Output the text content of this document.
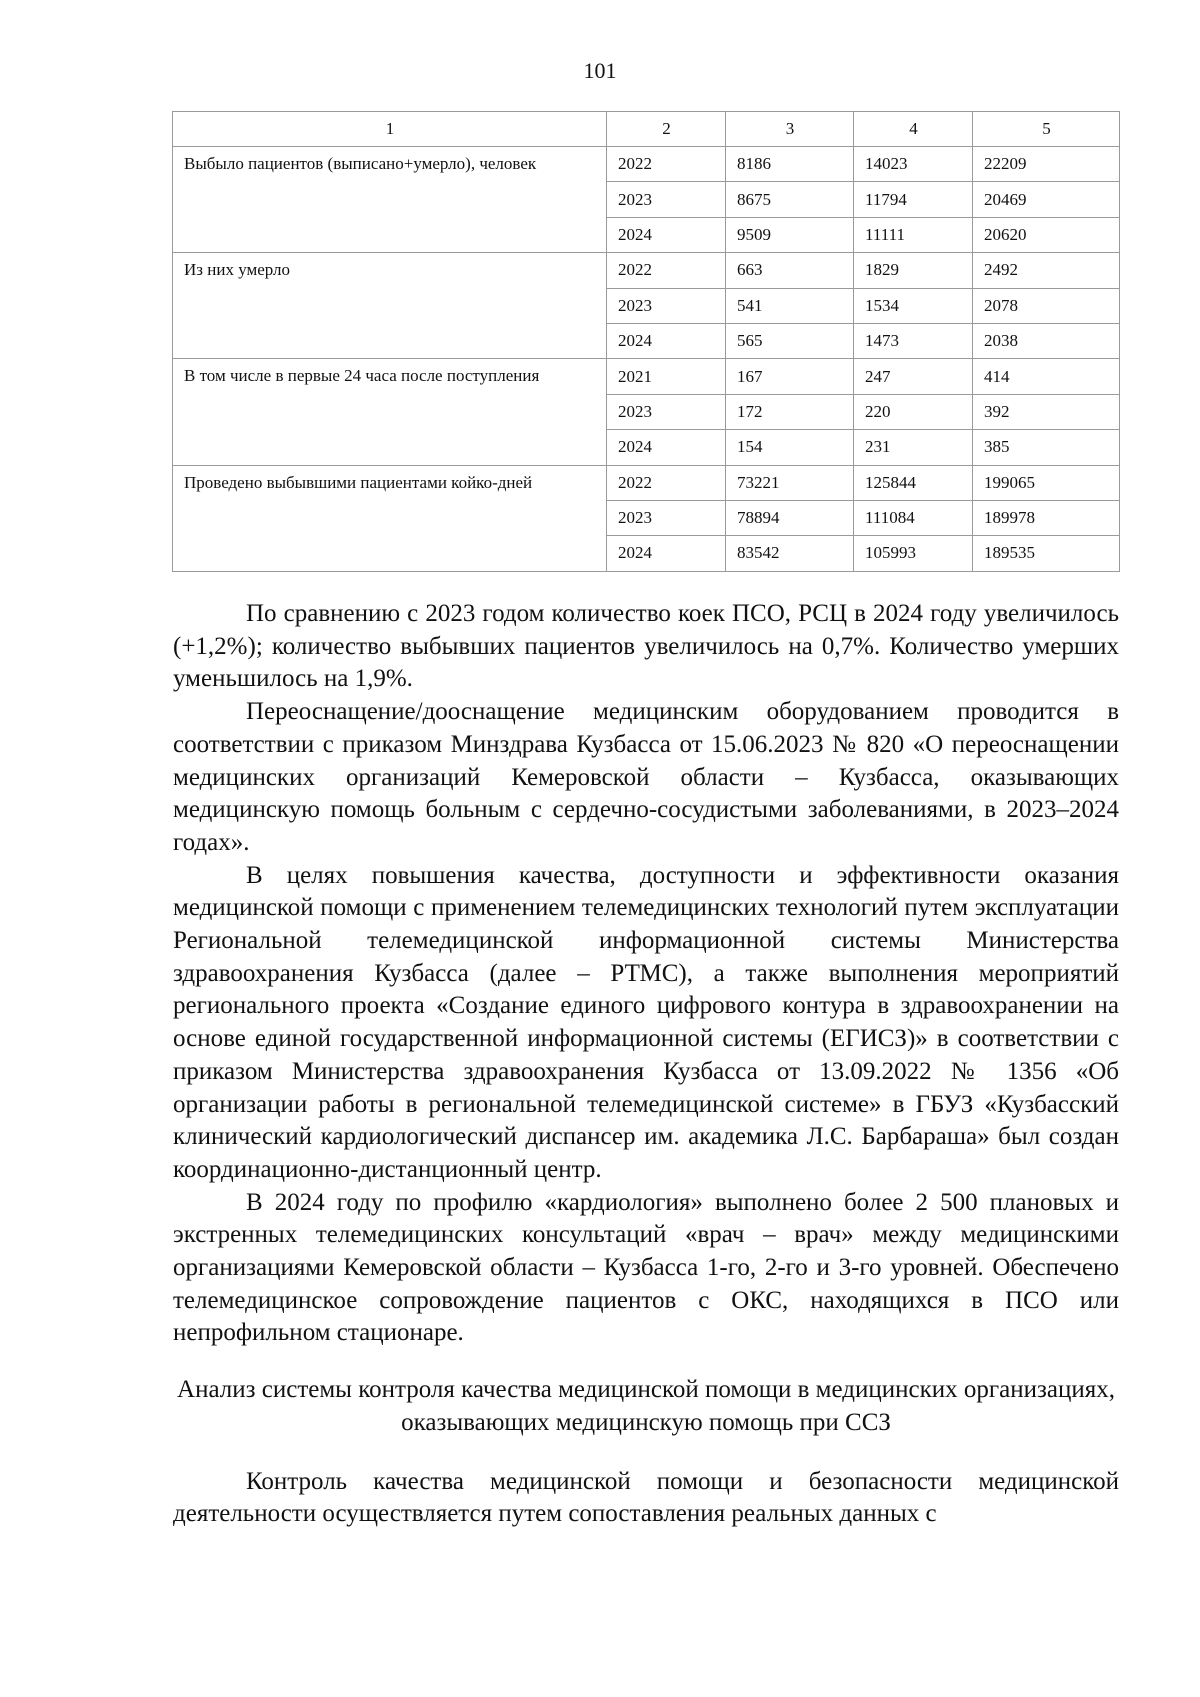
101
1	2	3	4	5
Выбыло пациентов (выписано+умерло), человек	2022	8186	14023	22209
	2023	8675	11794	20469
	2024	9509	11111	20620
Из них умерло	2022	663	1829	2492
	2023	541	1534	2078
	2024	565	1473	2038
В том числе в первые 24 часа после поступления	2021	167	247	414
	2023	172	220	392
	2024	154	231	385
Проведено выбывшими пациентами койко-дней	2022	73221	125844	199065
	2023	78894	111084	189978
	2024	83542	105993	189535

По сравнению с 2023 годом количество коек ПСО, РСЦ в 2024 году увеличилось (+1,2%); количество выбывших пациентов увеличилось на 0,7%. Количество умерших уменьшилось на 1,9%.

Переоснащение/дооснащение медицинским оборудованием проводится в соответствии с приказом Минздрава Кузбасса от 15.06.2023 № 820 «О переоснащении медицинских организаций Кемеровской области – Кузбасса, оказывающих медицинскую помощь больным с сердечно-сосудистыми заболеваниями, в 2023–2024 годах».

В целях повышения качества, доступности и эффективности оказания медицинской помощи с применением телемедицинских технологий путем эксплуатации Региональной телемедицинской информационной системы Министерства здравоохранения Кузбасса (далее – РТМС), а также выполнения мероприятий регионального проекта «Создание единого цифрового контура в здравоохранении на основе единой государственной информационной системы (ЕГИСЗ)» в соответствии с приказом Министерства здравоохранения Кузбасса от 13.09.2022 № 1356 «Об организации работы в региональной телемедицинской системе» в ГБУЗ «Кузбасский клинический кардиологический диспансер им. академика Л.С. Барбараша» был создан координационно-дистанционный центр.

В 2024 году по профилю «кардиология» выполнено более 2 500 плановых и экстренных телемедицинских консультаций «врач – врач» между медицинскими организациями Кемеровской области – Кузбасса 1-го, 2-го и 3-го уровней. Обеспечено телемедицинское сопровождение пациентов с ОКС, находящихся в ПСО или непрофильном стационаре.

Анализ системы контроля качества медицинской помощи в медицинских организациях, оказывающих медицинскую помощь при ССЗ

Контроль качества медицинской помощи и безопасности медицинской деятельности осуществляется путем сопоставления реальных данных с
